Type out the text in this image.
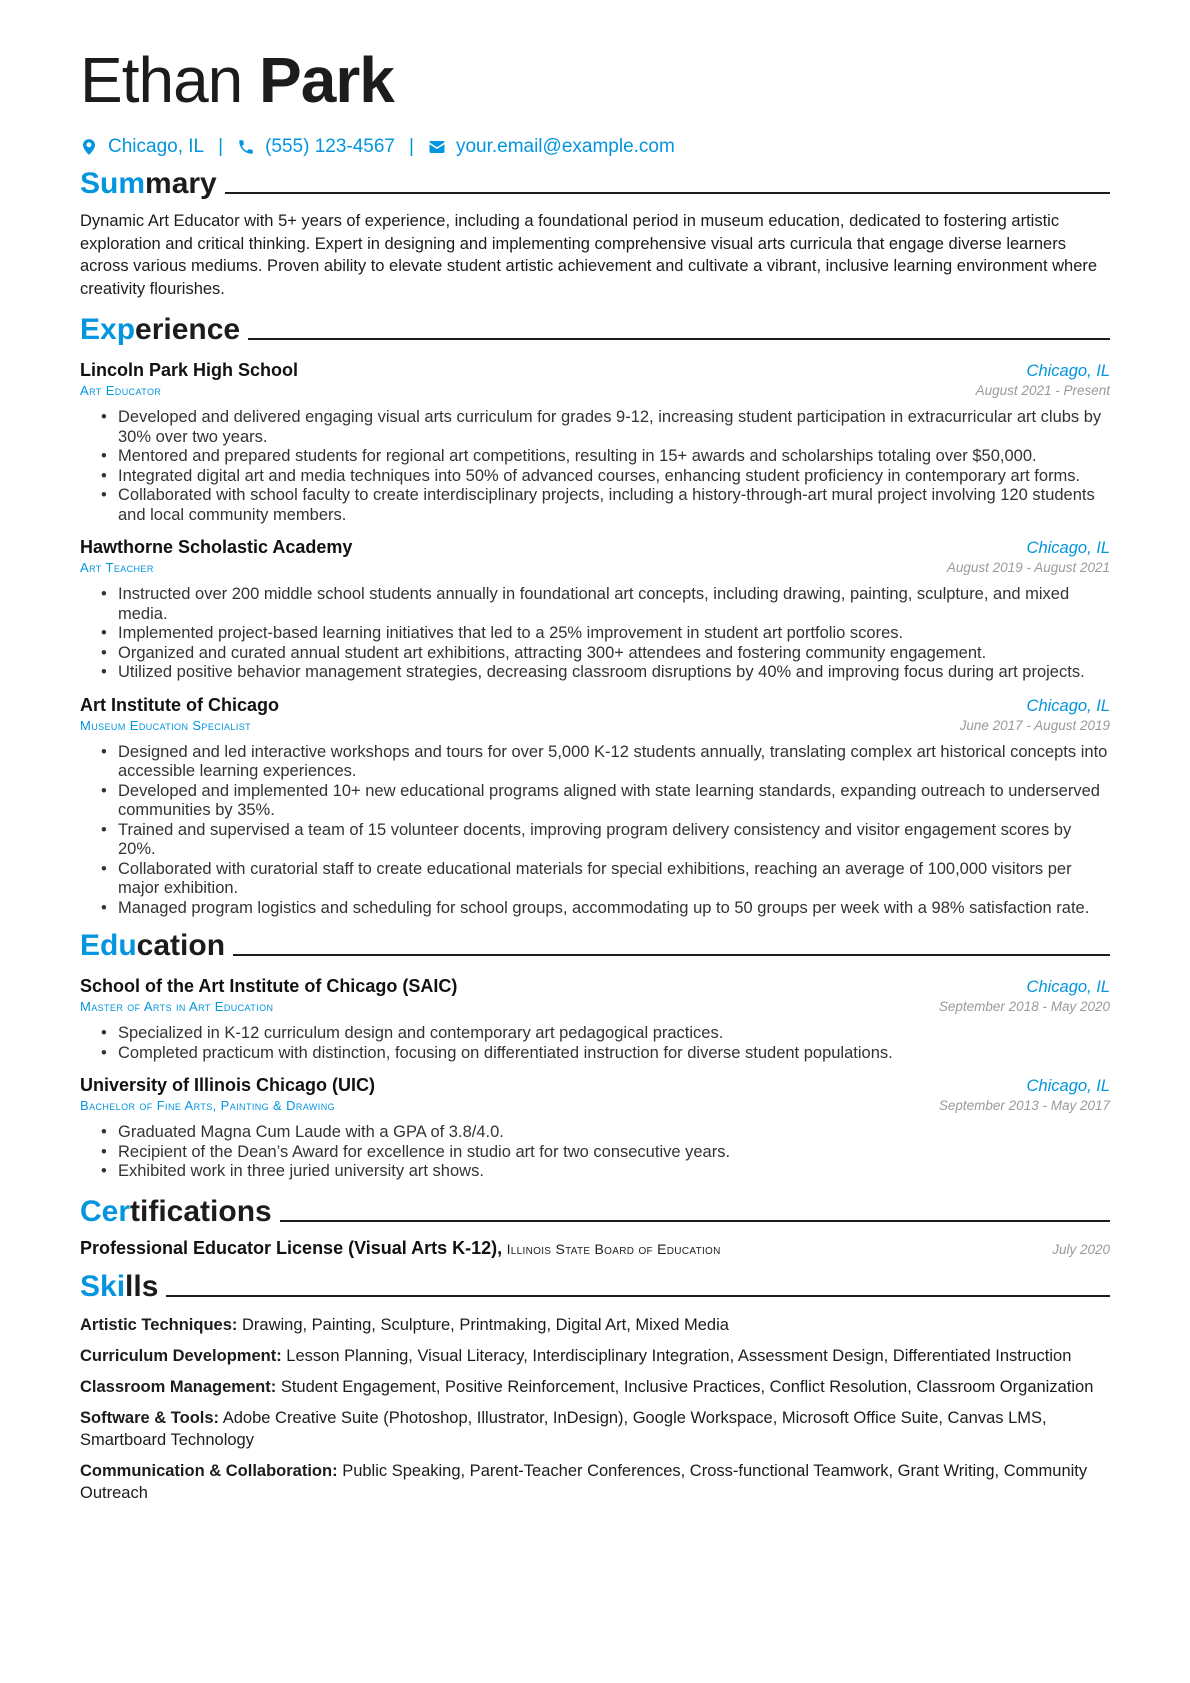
Ethan Park
Chicago, IL | (555) 123-4567 | your.email@example.com
Summary
Dynamic Art Educator with 5+ years of experience, including a foundational period in museum education, dedicated to fostering artistic exploration and critical thinking. Expert in designing and implementing comprehensive visual arts curricula that engage diverse learners across various mediums. Proven ability to elevate student artistic achievement and cultivate a vibrant, inclusive learning environment where creativity flourishes.
Experience
Lincoln Park High School	Chicago, IL
Art Educator	August 2021 - Present
• Developed and delivered engaging visual arts curriculum for grades 9-12, increasing student participation in extracurricular art clubs by 30% over two years.
• Mentored and prepared students for regional art competitions, resulting in 15+ awards and scholarships totaling over $50,000.
• Integrated digital art and media techniques into 50% of advanced courses, enhancing student proficiency in contemporary art forms.
• Collaborated with school faculty to create interdisciplinary projects, including a history-through-art mural project involving 120 students and local community members.
Hawthorne Scholastic Academy	Chicago, IL
Art Teacher	August 2019 - August 2021
• Instructed over 200 middle school students annually in foundational art concepts, including drawing, painting, sculpture, and mixed media.
• Implemented project-based learning initiatives that led to a 25% improvement in student art portfolio scores.
• Organized and curated annual student art exhibitions, attracting 300+ attendees and fostering community engagement.
• Utilized positive behavior management strategies, decreasing classroom disruptions by 40% and improving focus during art projects.
Art Institute of Chicago	Chicago, IL
Museum Education Specialist	June 2017 - August 2019
• Designed and led interactive workshops and tours for over 5,000 K-12 students annually, translating complex art historical concepts into accessible learning experiences.
• Developed and implemented 10+ new educational programs aligned with state learning standards, expanding outreach to underserved communities by 35%.
• Trained and supervised a team of 15 volunteer docents, improving program delivery consistency and visitor engagement scores by 20%.
• Collaborated with curatorial staff to create educational materials for special exhibitions, reaching an average of 100,000 visitors per major exhibition.
• Managed program logistics and scheduling for school groups, accommodating up to 50 groups per week with a 98% satisfaction rate.
Education
School of the Art Institute of Chicago (SAIC)	Chicago, IL
Master of Arts in Art Education	September 2018 - May 2020
• Specialized in K-12 curriculum design and contemporary art pedagogical practices.
• Completed practicum with distinction, focusing on differentiated instruction for diverse student populations.
University of Illinois Chicago (UIC)	Chicago, IL
Bachelor of Fine Arts, Painting & Drawing	September 2013 - May 2017
• Graduated Magna Cum Laude with a GPA of 3.8/4.0.
• Recipient of the Dean’s Award for excellence in studio art for two consecutive years.
• Exhibited work in three juried university art shows.
Certifications
Professional Educator License (Visual Arts K-12), Illinois State Board of Education	July 2020
Skills
Artistic Techniques: Drawing, Painting, Sculpture, Printmaking, Digital Art, Mixed Media
Curriculum Development: Lesson Planning, Visual Literacy, Interdisciplinary Integration, Assessment Design, Differentiated Instruction
Classroom Management: Student Engagement, Positive Reinforcement, Inclusive Practices, Conflict Resolution, Classroom Organization
Software & Tools: Adobe Creative Suite (Photoshop, Illustrator, InDesign), Google Workspace, Microsoft Office Suite, Canvas LMS, Smartboard Technology
Communication & Collaboration: Public Speaking, Parent-Teacher Conferences, Cross-functional Teamwork, Grant Writing, Community Outreach
